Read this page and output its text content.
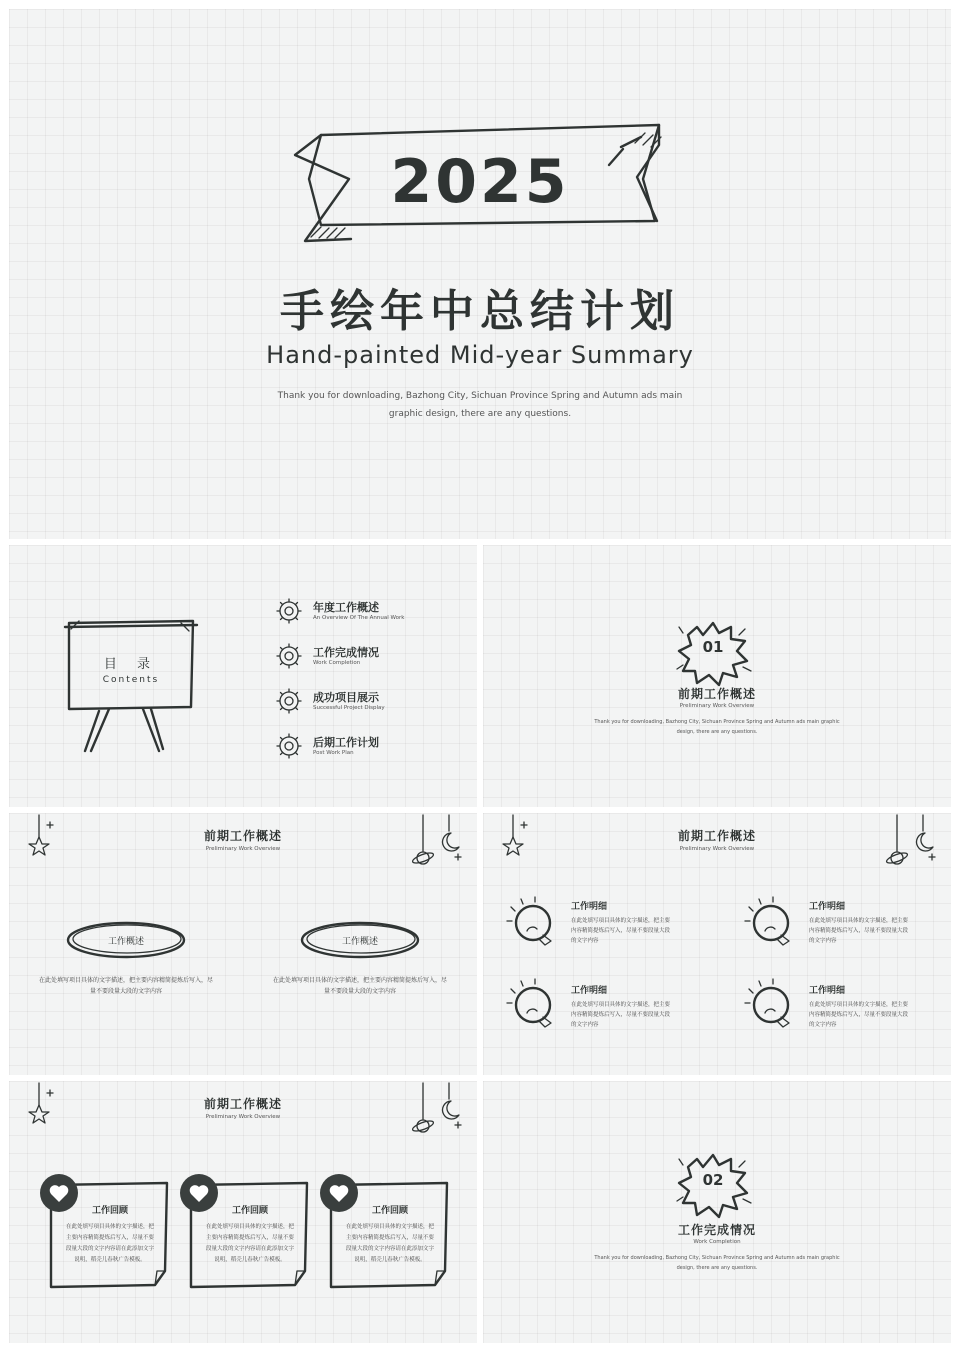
2025
手绘年中总结计划
Hand-painted Mid-year Summary
Thank you for downloading, Bazhong City, Sichuan Province Spring and Autumn ads main
graphic design, there are any questions.
目 录
Contents
年度工作概述
An Overview Of The Annual Work
工作完成情况
Work Completion
成功项目展示
Successful Project Display
后期工作计划
Post Work Plan
01
前期工作概述
Preliminary Work Overview
Thank you for downloading, Bazhong City, Sichuan Province Spring and Autumn ads main graphic
design, there are any questions.
前期工作概述
Preliminary Work Overview
工作概述	工作概述
在此处填写项目具体的文字描述，把主要内容精简提炼后写入，尽
量不要段量大段的文字内容
在此处填写项目具体的文字描述，把主要内容精简提炼后写入，尽
量不要段量大段的文字内容
前期工作概述
Preliminary Work Overview
工作明细
在此处填写项目具体的文字描述，把主要
内容精简提炼后写入，尽量不要段量大段
的文字内容
工作明细
在此处填写项目具体的文字描述，把主要
内容精简提炼后写入，尽量不要段量大段
的文字内容
工作明细
在此处填写项目具体的文字描述，把主要
内容精简提炼后写入，尽量不要段量大段
的文字内容
工作明细
在此处填写项目具体的文字描述，把主要
内容精简提炼后写入，尽量不要段量大段
的文字内容
前期工作概述
Preliminary Work Overview
工作回顾
在此处填写项目具体的文字描述，把
主要内容精简提炼后写入，尽量不要
段量大段的文字内容请在此添加文字
说明，稻壳儿春秋广告模板。
工作回顾
在此处填写项目具体的文字描述，把
主要内容精简提炼后写入，尽量不要
段量大段的文字内容请在此添加文字
说明，稻壳儿春秋广告模板。
工作回顾
在此处填写项目具体的文字描述，把
主要内容精简提炼后写入，尽量不要
段量大段的文字内容请在此添加文字
说明，稻壳儿春秋广告模板。
02
工作完成情况
Work Completion
Thank you for downloading, Bazhong City, Sichuan Province Spring and Autumn ads main graphic
design, there are any questions.
